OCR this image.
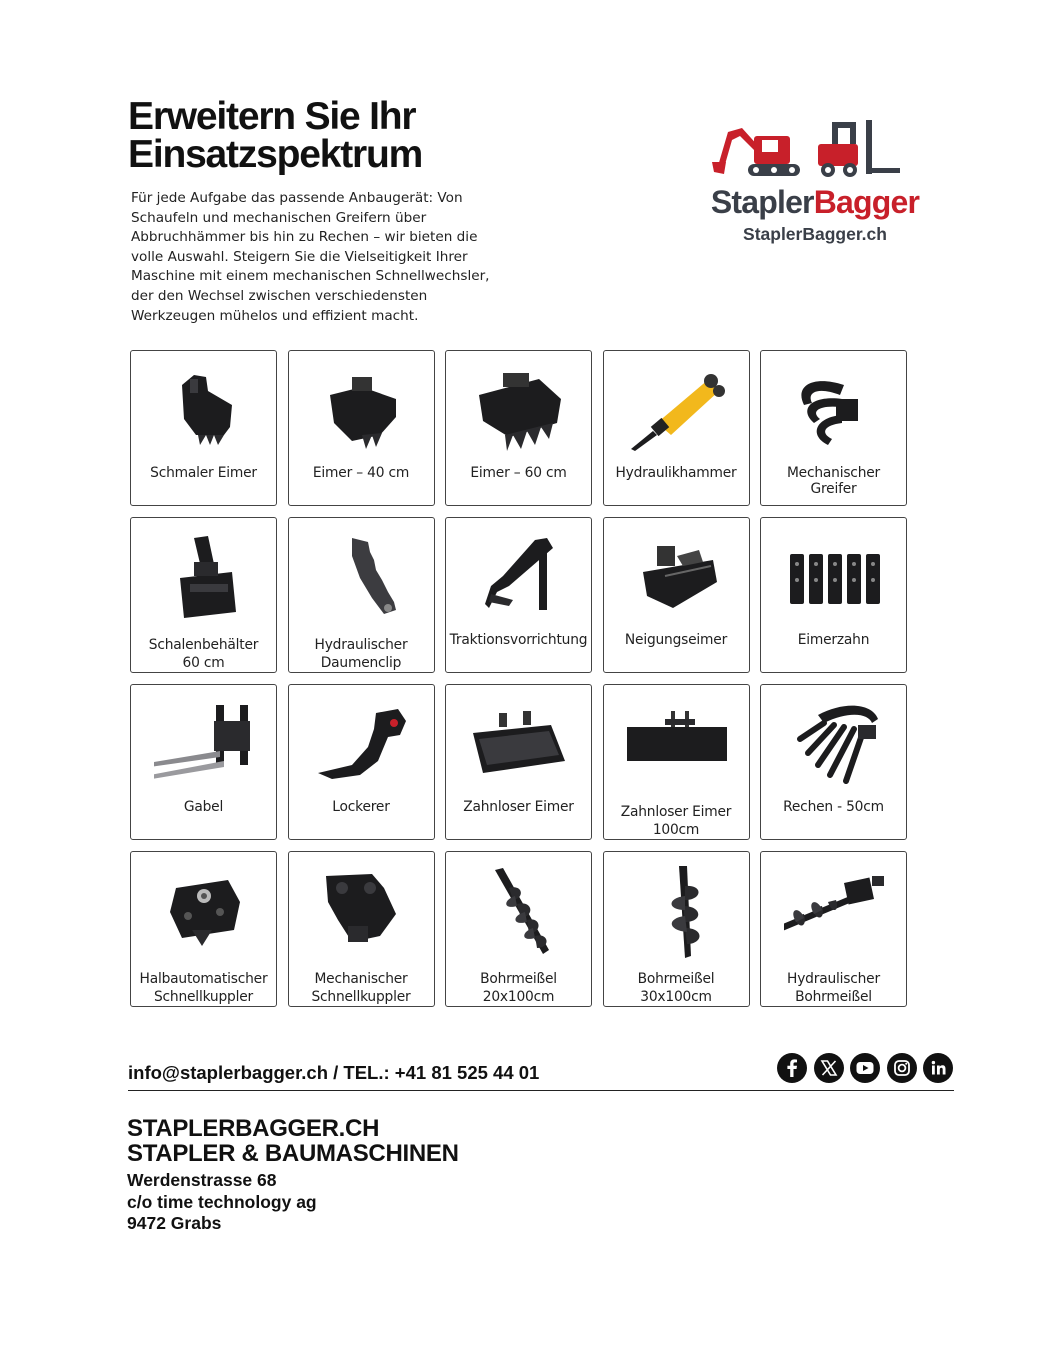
Erweitern Sie Ihr
Einsatzspektrum

Für jede Aufgabe das passende Anbaugerät: Von Schaufeln und mechanischen Greifern über Abbruchhämmer bis hin zu Rechen – wir bieten die volle Auswahl. Steigern Sie die Vielseitigkeit Ihrer Maschine mit einem mechanischen Schnellwechsler, der den Wechsel zwischen verschiedensten Werkzeugen mühelos und effizient macht.

StaplerBagger
StaplerBagger.ch
Schmaler Eimer	Eimer – 40 cm	Eimer – 60 cm	Hydraulikhammer	Mechanischer Greifer
Schalenbehälter
60 cm
Hydraulischer
Daumenclip
Traktionsvorrichtung	Neigungseimer	Eimerzahn
Gabel	Lockerer	Zahnloser Eimer	Zahnloser Eimer
100cm
Rechen - 50cm
Halbautomatischer
Schnellkuppler
Mechanischer
Schnellkuppler
Bohrmeißel
20x100cm
Bohrmeißel
30x100cm
Hydraulischer
Bohrmeißel
info@staplerbagger.ch / TEL.: +41 81 525 44 01
STAPLERBAGGER.CH
STAPLER & BAUMASCHINEN
Werdenstrasse 68
c/o time technology ag
9472 Grabs
